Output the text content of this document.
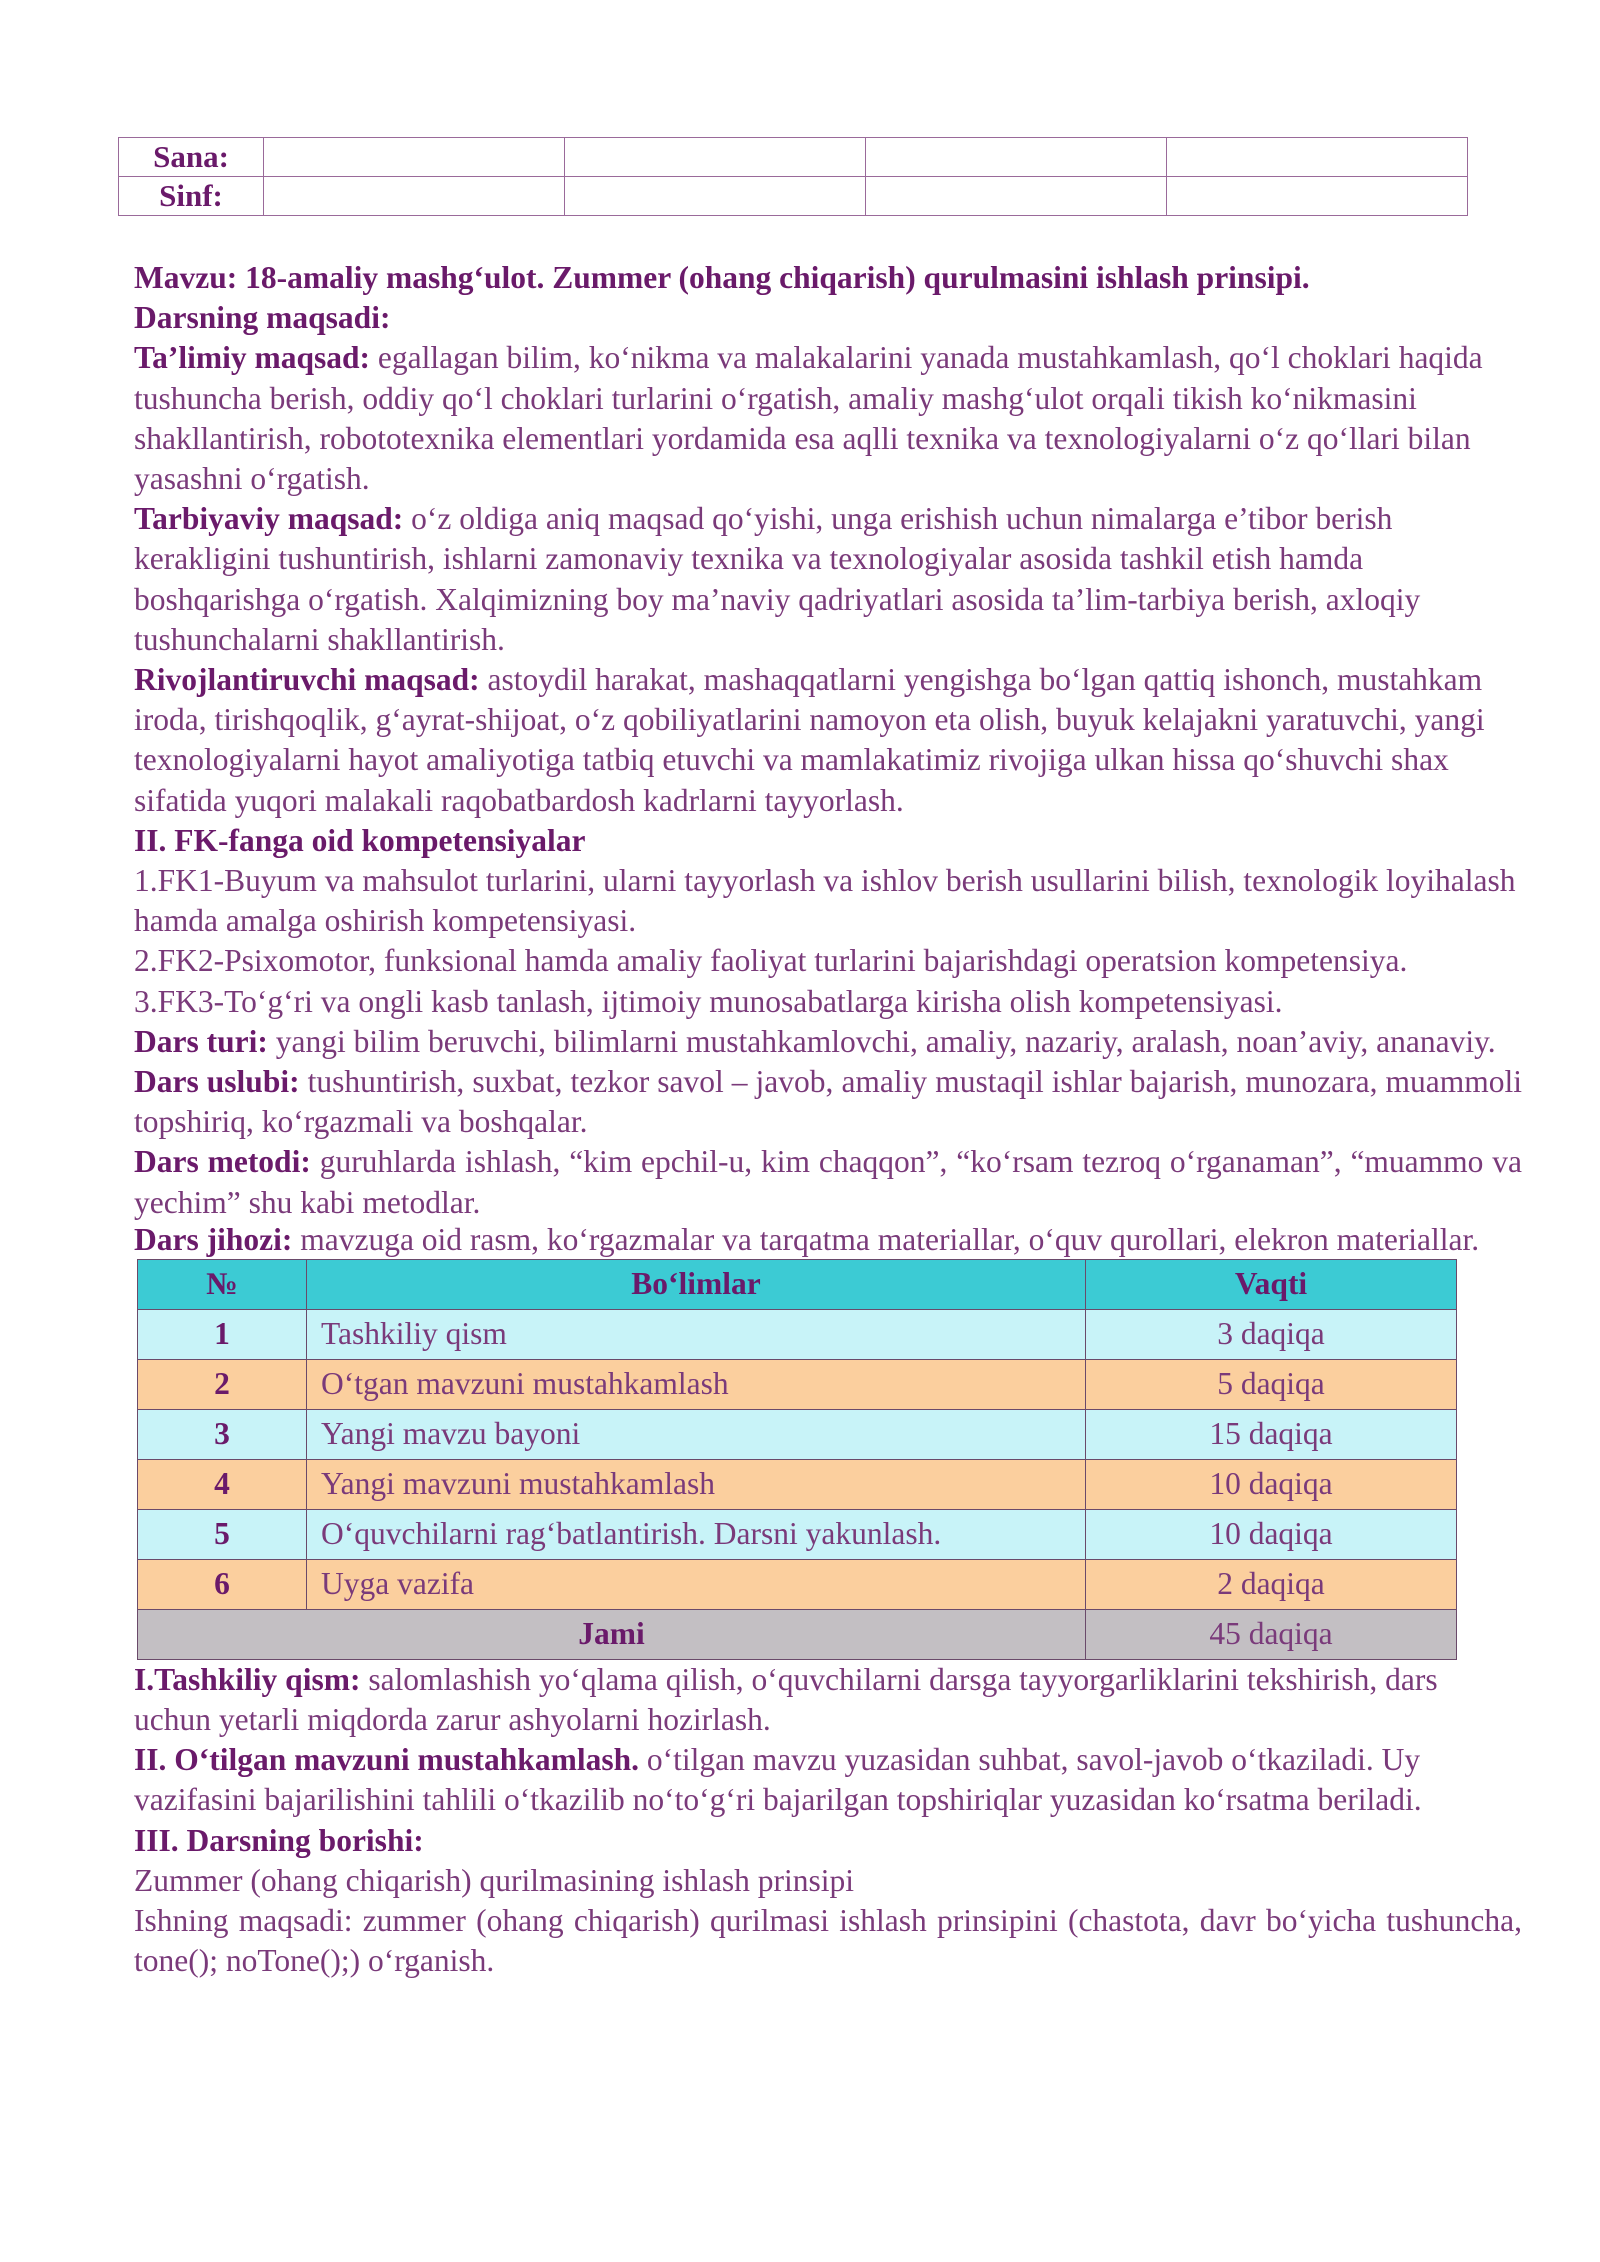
Sana:				
Sinf:				

Mavzu: 18-amaliy mashg‘ulot. Zummer (ohang chiqarish) qurulmasini ishlash prinsipi.

Darsning maqsadi:

Ta’limiy maqsad: egallagan bilim, ko‘nikma va malakalarini yanada mustahkamlash, qo‘l choklari haqida tushuncha berish, oddiy qo‘l choklari turlarini o‘rgatish, amaliy mashg‘ulot orqali tikish ko‘nikmasini shakllantirish, robototexnika elementlari yordamida esa aqlli texnika va texnologiyalarni o‘z qo‘llari bilan yasashni o‘rgatish.

Tarbiyaviy maqsad: o‘z oldiga aniq maqsad qo‘yishi, unga erishish uchun nimalarga e’tibor berish kerakligini tushuntirish, ishlarni zamonaviy texnika va texnologiyalar asosida tashkil etish hamda boshqarishga o‘rgatish. Xalqimizning boy ma’naviy qadriyatlari asosida ta’lim-tarbiya berish, axloqiy tushunchalarni shakllantirish.

Rivojlantiruvchi maqsad: astoydil harakat, mashaqqatlarni yengishga bo‘lgan qattiq ishonch, mustahkam iroda, tirishqoqlik, g‘ayrat-shijoat, o‘z qobiliyatlarini namoyon eta olish, buyuk kelajakni yaratuvchi, yangi texnologiyalarni hayot amaliyotiga tatbiq etuvchi va mamlakatimiz rivojiga ulkan hissa qo‘shuvchi shax sifatida yuqori malakali raqobatbardosh kadrlarni tayyorlash.

II. FK-fanga oid kompetensiyalar

1.FK1-Buyum va mahsulot turlarini, ularni tayyorlash va ishlov berish usullarini bilish, texnologik loyihalash hamda amalga oshirish kompetensiyasi.

2.FK2-Psixomotor, funksional hamda amaliy faoliyat turlarini bajarishdagi operatsion kompetensiya.

3.FK3-To‘g‘ri va ongli kasb tanlash, ijtimoiy munosabatlarga kirisha olish kompetensiyasi.

Dars turi: yangi bilim beruvchi, bilimlarni mustahkamlovchi, amaliy, nazariy, aralash, noan’aviy, ananaviy.

Dars uslubi: tushuntirish, suxbat, tezkor savol – javob, amaliy mustaqil ishlar bajarish, munozara, muammoli topshiriq, ko‘rgazmali va boshqalar.

Dars metodi: guruhlarda ishlash, “kim epchil-u, kim chaqqon”, “ko‘rsam tezroq o‘rganaman”, “muammo va yechim” shu kabi metodlar.

Dars jihozi: mavzuga oid rasm, ko‘rgazmalar va tarqatma materiallar, o‘quv qurollari, elekron materiallar.

№	Bo‘limlar	Vaqti
1	Tashkiliy qism	3 daqiqa
2	O‘tgan mavzuni mustahkamlash	5 daqiqa
3	Yangi mavzu bayoni	15 daqiqa
4	Yangi mavzuni mustahkamlash	10 daqiqa
5	O‘quvchilarni rag‘batlantirish. Darsni yakunlash.	10 daqiqa
6	Uyga vazifa	2 daqiqa
Jami		45 daqiqa

I.Tashkiliy qism: salomlashish yo‘qlama qilish, o‘quvchilarni darsga tayyorgarliklarini tekshirish, dars uchun yetarli miqdorda zarur ashyolarni hozirlash.

II. O‘tilgan mavzuni mustahkamlash. o‘tilgan mavzu yuzasidan suhbat, savol-javob o‘tkaziladi. Uy vazifasini bajarilishini tahlili o‘tkazilib no‘to‘g‘ri bajarilgan topshiriqlar yuzasidan ko‘rsatma beriladi.

III. Darsning borishi:

Zummer (ohang chiqarish) qurilmasining ishlash prinsipi

Ishning maqsadi: zummer (ohang chiqarish) qurilmasi ishlash prinsipini (chastota, davr bo‘yicha tushuncha, tone(); noTone();) o‘rganish.
